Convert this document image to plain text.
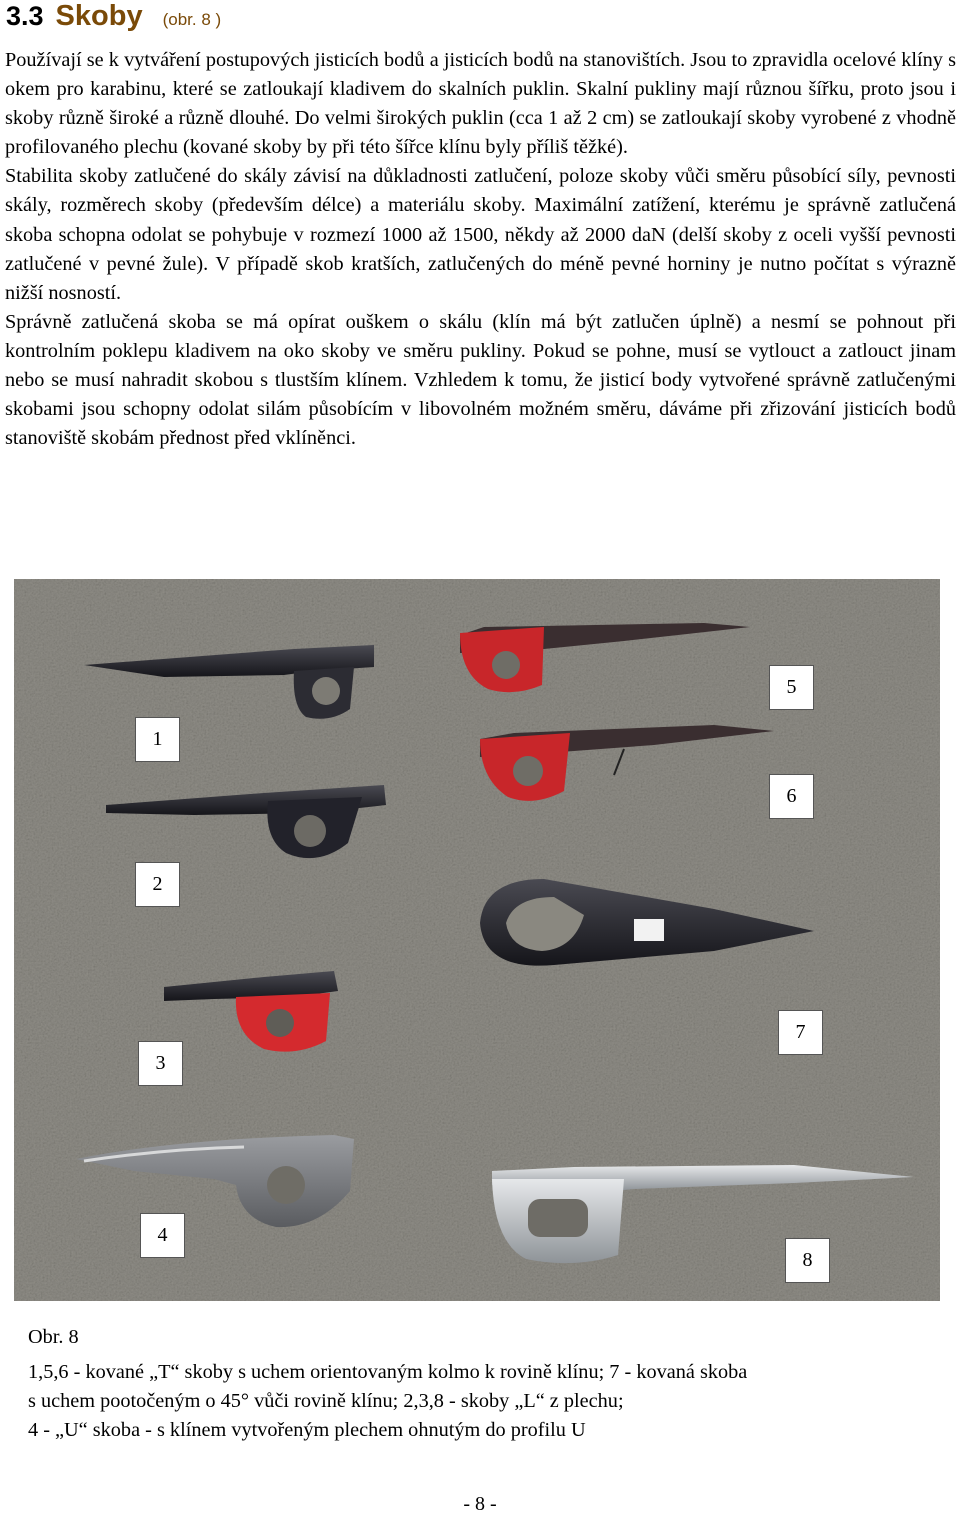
3.3 Skoby (obr. 8 )

Používají se k vytváření postupových jisticích bodů a jisticích bodů na stanovištích. Jsou to zpravidla ocelové klíny s okem pro karabinu, které se zatloukají kladivem do skalních puklin. Skalní pukliny mají různou šířku, proto jsou i skoby různě široké a různě dlouhé. Do velmi širokých puklin (cca 1 až 2 cm) se zatloukají skoby vyrobené z vhodně profilovaného plechu (kované skoby by při této šířce klínu byly příliš těžké).

Stabilita skoby zatlučené do skály závisí na důkladnosti zatlučení, poloze skoby vůči směru působící síly, pevnosti skály, rozměrech skoby (především délce) a materiálu skoby. Maximální zatížení, kterému je správně zatlučená skoba schopna odolat se pohybuje v rozmezí 1000 až 1500, někdy až 2000 daN (delší skoby z oceli vyšší pevnosti zatlučené v pevné žule). V případě skob kratších, zatlučených do méně pevné horniny je nutno počítat s výrazně nižší nosností.

Správně zatlučená skoba se má opírat ouškem o skálu (klín má být zatlučen úplně) a nesmí se pohnout při kontrolním poklepu kladivem na oko skoby ve směru pukliny. Pokud se pohne, musí se vytlouct a zatlouct jinam nebo se musí nahradit skobou s tlustším klínem. Vzhledem k tomu, že jisticí body vytvořené správně zatlučenými skobami jsou schopny odolat silám působícím v libovolném možném směru, dáváme při zřizování jisticích bodů stanoviště skobám přednost před vklíněnci.

1
2
3
4
5
6
7
8

Obr. 8

1,5,6 - kované „T“ skoby s uchem orientovaným kolmo k rovině klínu; 7 - kovaná skoba

s uchem pootočeným o 45° vůči rovině klínu; 2,3,8 - skoby „L“ z plechu;

4 - „U“ skoba - s klínem vytvořeným plechem ohnutým do profilu U

- 8 -
